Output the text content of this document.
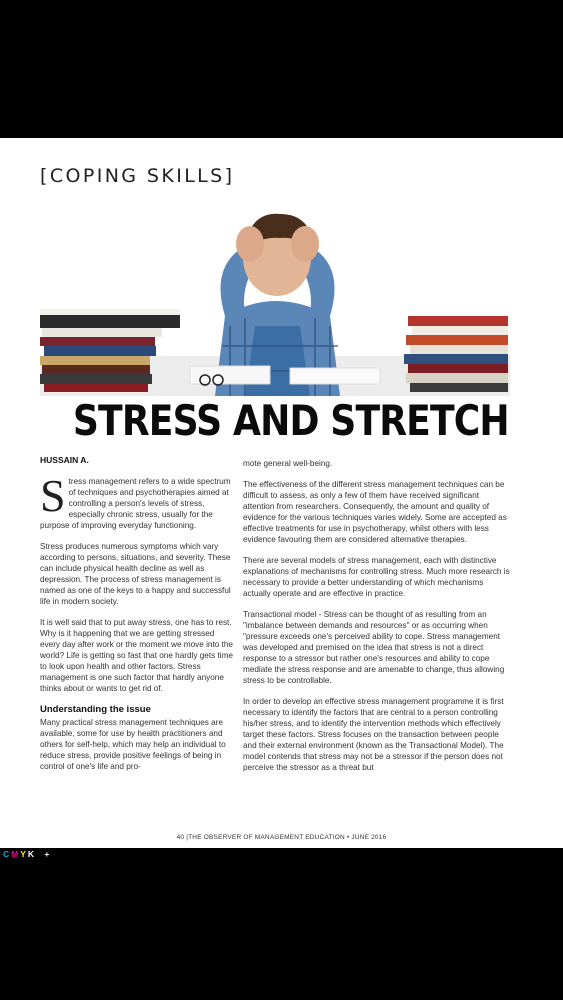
[COPING SKILLS]
STRESS AND STRETCH
HUSSAIN A.

Stress management refers to a wide spectrum of techniques and psychotherapies aimed at controlling a person's levels of stress, especially chronic stress, usually for the purpose of improving everyday functioning.

Stress produces numerous symptoms which vary according to persons, situations, and severity. These can include physical health decline as well as depression. The process of stress management is named as one of the keys to a happy and successful life in modern society.

It is well said that to put away stress, one has to rest. Why is it happening that we are getting stressed every day after work or the moment we move into the world? Life is getting so fast that one hardly gets time to look upon health and other factors. Stress management is one such factor that hardly anyone thinks about or wants to get rid of.

Understanding the issue

Many practical stress management techniques are available, some for use by health practitioners and others for self-help, which may help an individual to reduce stress, provide positive feelings of being in control of one's life and pro-

mote general well-being.

The effectiveness of the different stress management techniques can be difficult to assess, as only a few of them have received significant attention from researchers. Consequently, the amount and quality of evidence for the various techniques varies widely. Some are accepted as effective treatments for use in psychotherapy, whilst others with less evidence favouring them are considered alternative therapies.

There are several models of stress management, each with distinctive explanations of mechanisms for controlling stress. Much more research is necessary to provide a better understanding of which mechanisms actually operate and are effective in practice.

Transactional model - Stress can be thought of as resulting from an "imbalance between demands and resources" or as occurring when "pressure exceeds one's perceived ability to cope. Stress management was developed and premised on the idea that stress is not a direct response to a stressor but rather one's resources and ability to cope mediate the stress response and are amenable to change, thus allowing stress to be controllable.

In order to develop an effective stress management programme it is first necessary to identify the factors that are central to a person controlling his/her stress, and to identify the intervention methods which effectively target these factors. Stress focuses on the transaction between people and their external environment (known as the Transactional Model). The model contends that stress may not be a stressor if the person does not perceive the stressor as a threat but

40 |THE OBSERVER OF MANAGEMENT EDUCATION • JUNE 2016
C M Y K +
